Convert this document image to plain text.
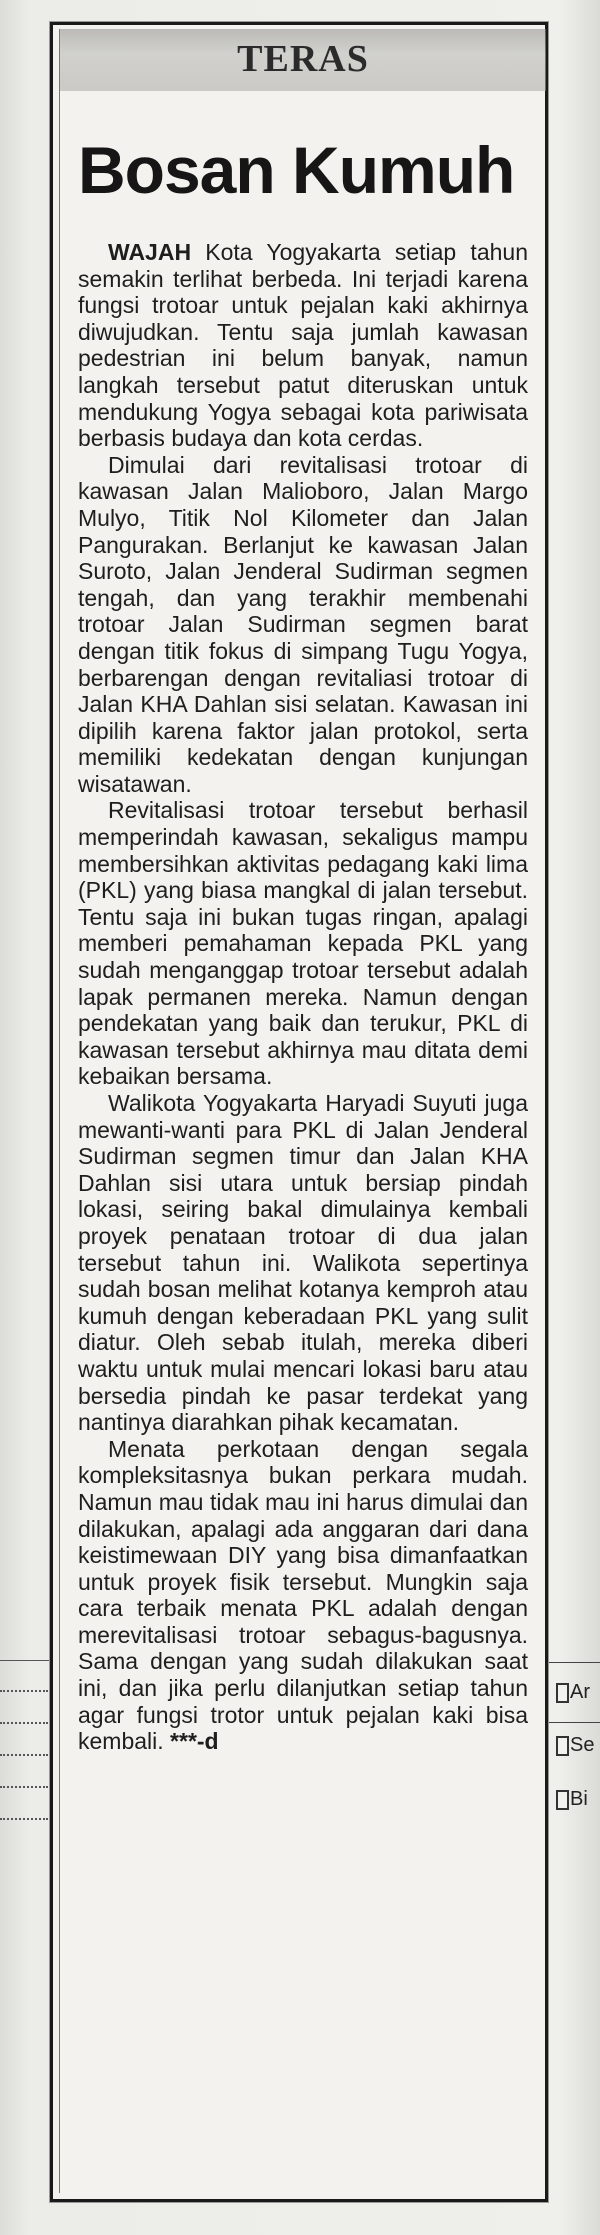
Ar
Se
Bi
TERAS
Bosan Kumuh

WAJAH Kota Yogyakarta setiap tahun semakin terlihat berbeda. Ini terjadi karena fungsi trotoar untuk pejalan kaki akhirnya diwujudkan. Tentu saja jumlah kawasan pedestrian ini belum banyak, namun langkah tersebut patut diteruskan untuk mendukung Yogya sebagai kota pariwisata berbasis budaya dan kota cerdas.

Dimulai dari revitalisasi trotoar di kawasan Jalan Malioboro, Jalan Margo Mulyo, Titik Nol Kilometer dan Jalan Pangurakan. Berlanjut ke kawasan Jalan Suroto, Jalan Jenderal Sudirman segmen tengah, dan yang terakhir membenahi trotoar Jalan Sudirman segmen barat dengan titik fokus di simpang Tugu Yogya, berbarengan dengan revitaliasi trotoar di Jalan KHA Dahlan sisi selatan. Kawasan ini dipilih karena faktor jalan protokol, serta memiliki kedekatan dengan kunjungan wisatawan.

Revitalisasi trotoar tersebut berhasil memperindah kawasan, sekaligus mampu membersihkan aktivitas pedagang kaki lima (PKL) yang biasa mangkal di jalan tersebut. Tentu saja ini bukan tugas ringan, apalagi memberi pemahaman kepada PKL yang sudah menganggap trotoar tersebut adalah lapak permanen mereka. Namun dengan pendekatan yang baik dan terukur, PKL di kawasan tersebut akhirnya mau ditata demi kebaikan bersama.

Walikota Yogyakarta Haryadi Suyuti juga mewanti-wanti para PKL di Jalan Jenderal Sudirman segmen timur dan Jalan KHA Dahlan sisi utara untuk bersiap pindah lokasi, seiring bakal dimulainya kembali proyek penataan trotoar di dua jalan tersebut tahun ini. Walikota sepertinya sudah bosan melihat kotanya kemproh atau kumuh dengan keberadaan PKL yang sulit diatur. Oleh sebab itulah, mereka diberi waktu untuk mulai mencari lokasi baru atau bersedia pindah ke pasar terdekat yang nantinya diarahkan pihak kecamatan.

Menata perkotaan dengan segala kompleksitasnya bukan perkara mudah. Namun mau tidak mau ini harus dimulai dan dilakukan, apalagi ada anggaran dari dana keistimewaan DIY yang bisa dimanfaatkan untuk proyek fisik tersebut. Mungkin saja cara terbaik menata PKL adalah dengan merevitalisasi trotoar sebagus-bagusnya. Sama dengan yang sudah dilakukan saat ini, dan jika perlu dilanjutkan setiap tahun agar fungsi trotor untuk pejalan kaki bisa kembali. ***-d
